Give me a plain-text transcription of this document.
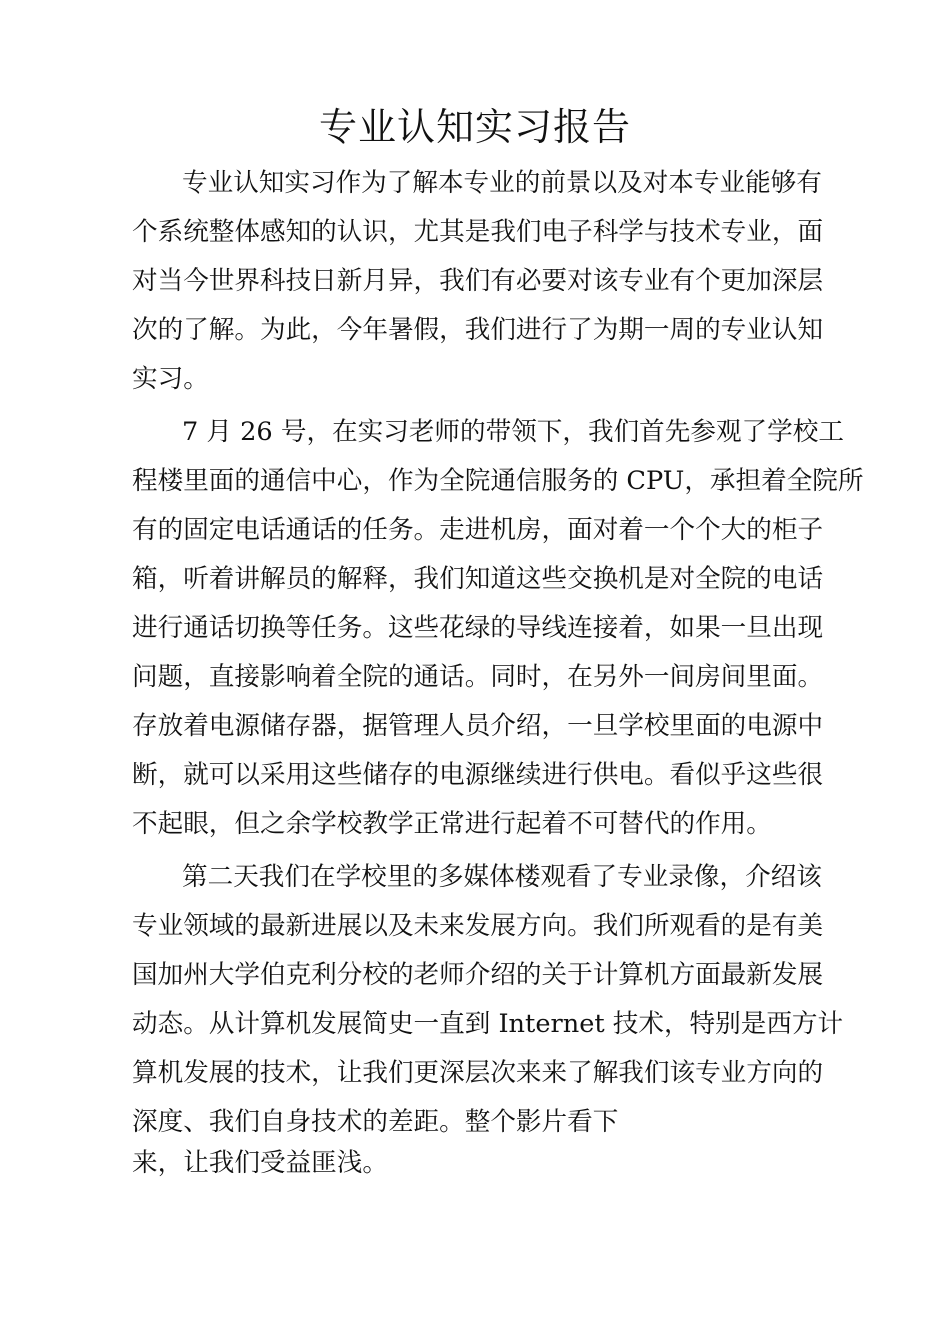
专业认知实习报告

专业认知实习作为了解本专业的前景以及对本专业能够有

个系统整体感知的认识，尤其是我们电子科学与技术专业，面

对当今世界科技日新月异，我们有必要对该专业有个更加深层

次的了解。为此，今年暑假，我们进行了为期一周的专业认知

实习。

7 月 26 号，在实习老师的带领下，我们首先参观了学校工

程楼里面的通信中心，作为全院通信服务的 CPU，承担着全院所

有的固定电话通话的任务。走进机房，面对着一个个大的柜子

箱，听着讲解员的解释，我们知道这些交换机是对全院的电话

进行通话切换等任务。这些花绿的导线连接着，如果一旦出现

问题，直接影响着全院的通话。同时，在另外一间房间里面。

存放着电源储存器，据管理人员介绍，一旦学校里面的电源中

断，就可以采用这些储存的电源继续进行供电。看似乎这些很

不起眼，但之余学校教学正常进行起着不可替代的作用。

第二天我们在学校里的多媒体楼观看了专业录像，介绍该

专业领域的最新进展以及未来发展方向。我们所观看的是有美

国加州大学伯克利分校的老师介绍的关于计算机方面最新发展

动态。从计算机发展简史一直到 Internet 技术，特别是西方计

算机发展的技术，让我们更深层次来来了解我们该专业方向的

深度、我们自身技术的差距。整个影片看下

来，让我们受益匪浅。
